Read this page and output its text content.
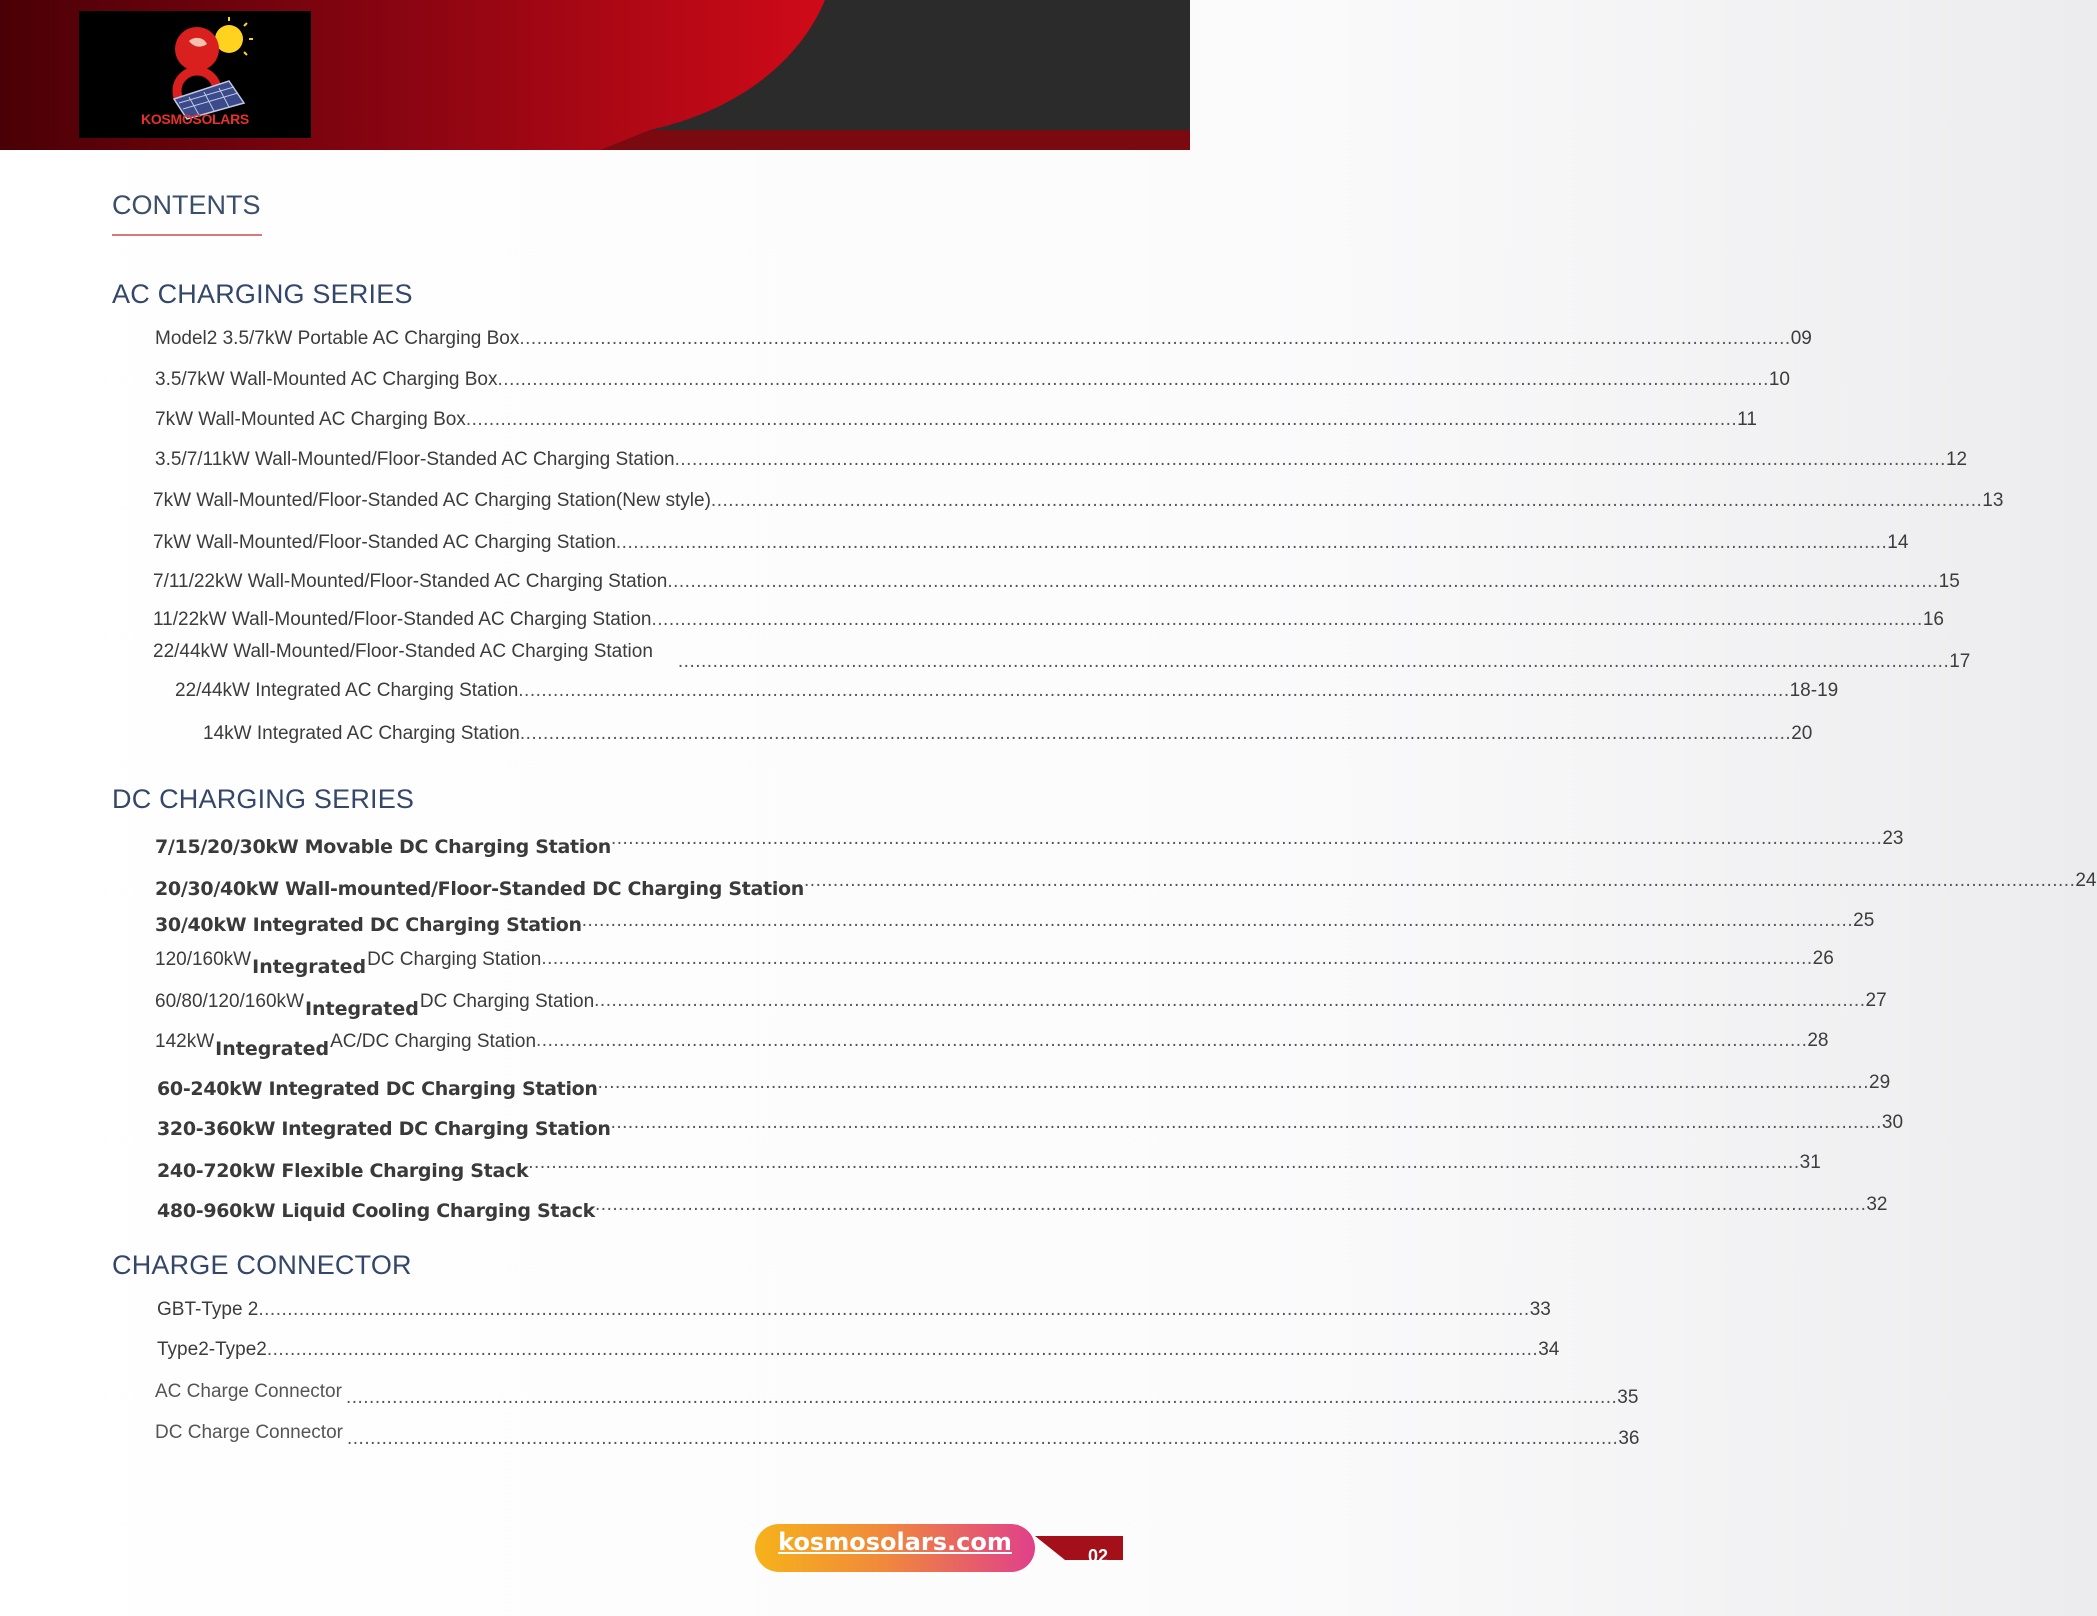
KOSMOSOLARS
CONTENTS
AC CHARGING SERIES
Model2 3.5/7kW Portable AC Charging Box ............................................................................................................................................................................................................................ 09
3.5/7kW Wall-Mounted AC Charging Box ............................................................................................................................................................................................................................ 10
7kW Wall-Mounted AC Charging Box ............................................................................................................................................................................................................................ 11
3.5/7/11kW Wall-Mounted/Floor-Standed AC Charging Station ............................................................................................................................................................................................................................ 12
7kW Wall-Mounted/Floor-Standed AC Charging Station(New style) ............................................................................................................................................................................................................................ 13
7kW Wall-Mounted/Floor-Standed AC Charging Station ............................................................................................................................................................................................................................ 14
7/11/22kW Wall-Mounted/Floor-Standed AC Charging Station ............................................................................................................................................................................................................................ 15
11/22kW Wall-Mounted/Floor-Standed AC Charging Station ............................................................................................................................................................................................................................ 16
22/44kW Wall-Mounted/Floor-Standed AC Charging Station ............................................................................................................................................................................................................................ 17
22/44kW Integrated AC Charging Station ............................................................................................................................................................................................................................ 18-19
14kW Integrated AC Charging Station ............................................................................................................................................................................................................................ 20
DC CHARGING SERIES
7/15/20/30kW Movable DC Charging Station ............................................................................................................................................................................................................................ 23
20/30/40kW Wall-mounted/Floor-Standed DC Charging Station ............................................................................................................................................................................................................................ 24
30/40kW Integrated DC Charging Station ............................................................................................................................................................................................................................ 25
120/160kWIntegratedDC Charging Station ............................................................................................................................................................................................................................ 26
60/80/120/160kWIntegratedDC Charging Station ............................................................................................................................................................................................................................ 27
142kWIntegratedAC/DC Charging Station ............................................................................................................................................................................................................................ 28
60-240kW Integrated DC Charging Station ............................................................................................................................................................................................................................ 29
320-360kW Integrated DC Charging Station ............................................................................................................................................................................................................................ 30
240-720kW Flexible Charging Stack ............................................................................................................................................................................................................................ 31
480-960kW Liquid Cooling Charging Stack ............................................................................................................................................................................................................................ 32
CHARGE CONNECTOR
GBT-Type 2 ............................................................................................................................................................................................................................ 33
Type2-Type2 ............................................................................................................................................................................................................................ 34
AC Charge Connector ............................................................................................................................................................................................................................ 35
DC Charge Connector ............................................................................................................................................................................................................................ 36
kosmosolars.com	02
